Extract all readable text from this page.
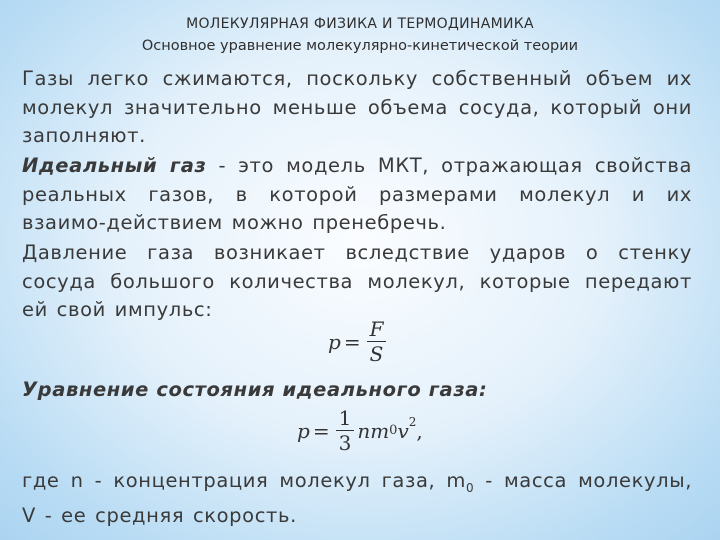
МОЛЕКУЛЯРНАЯ ФИЗИКА И ТЕРМОДИНАМИКА
Основное уравнение молекулярно-кинетической теории
Газы легко сжимаются, поскольку собственный объем их молекул значительно меньше объема сосуда, который они заполняют.
Идеальный газ - это модель МКТ, отражающая свойства реальных газов, в которой размерами молекул и их взаимо-действием можно пренебречь.
Давление газа возникает вследствие ударов о стенку сосуда большого количества молекул, которые передают ей свой импульс:
$p = \frac{F}{S}$
Уравнение состояния идеального газа:
$p = \frac{1}{3}$ n m 0 $v^2$ ,
где n - концентрация молекул газа, $m_0$ - масса молекулы, V - ее средняя скорость.
